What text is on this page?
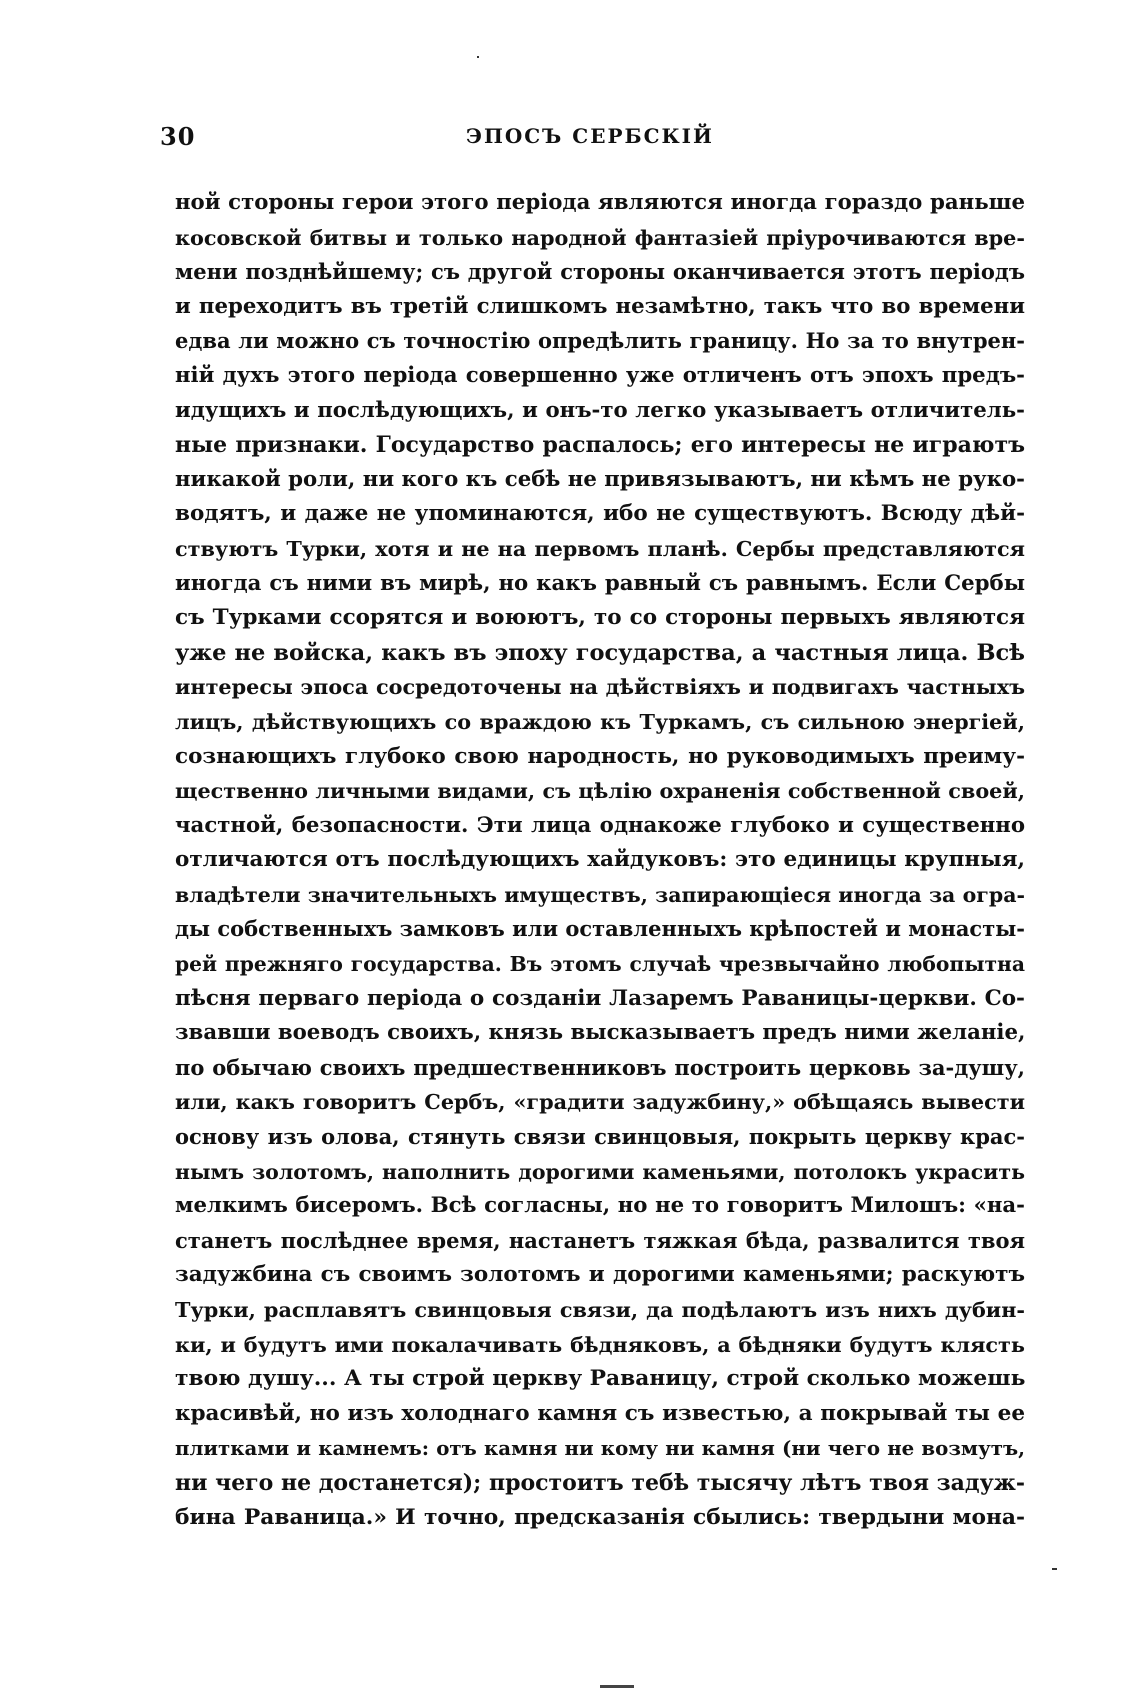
30	ЭПОСЪ СЕРБСКІЙ
ной стороны герои этого періода являются иногда гораздо раньше
косовской битвы и только народной фантазіей пріурочиваются вре-
мени позднѣйшему; съ другой стороны оканчивается этотъ періодъ
и переходитъ въ третій слишкомъ незамѣтно, такъ что во времени
едва ли можно съ точностію опредѣлить границу. Но за то внутрен-
ній духъ этого періода совершенно уже отличенъ отъ эпохъ предъ-
идущихъ и послѣдующихъ, и онъ-то легко указываетъ отличитель-
ные признаки. Государство распалось; его интересы не играютъ
никакой роли, ни кого къ себѣ не привязываютъ, ни кѣмъ не руко-
водятъ, и даже не упоминаются, ибо не существуютъ. Всюду дѣй-
ствуютъ Турки, хотя и не на первомъ планѣ. Сербы представляются
иногда съ ними въ мирѣ, но какъ равный съ равнымъ. Если Сербы
съ Турками ссорятся и воюютъ, то со стороны первыхъ являются
уже не войска, какъ въ эпоху государства, а частныя лица. Всѣ
интересы эпоса сосредоточены на дѣйствіяхъ и подвигахъ частныхъ
лицъ, дѣйствующихъ со враждою къ Туркамъ, съ сильною энергіей,
сознающихъ глубоко свою народность, но руководимыхъ преиму-
щественно личными видами, съ цѣлію охраненія собственной своей,
частной, безопасности. Эти лица однакоже глубоко и существенно
отличаются отъ послѣдующихъ хайдуковъ: это единицы крупныя,
владѣтели значительныхъ имуществъ, запирающіеся иногда за огра-
ды собственныхъ замковъ или оставленныхъ крѣпостей и монасты-
рей прежняго государства. Въ этомъ случаѣ чрезвычайно любопытна
пѣсня перваго періода о созданіи Лазаремъ Раваницы-церкви. Со-
звавши воеводъ своихъ, князь высказываетъ предъ ними желаніе,
по обычаю своихъ предшественниковъ построить церковь за-душу,
или, какъ говоритъ Сербъ, «градити задужбину,» обѣщаясь вывести
основу изъ олова, стянуть связи свинцовыя, покрыть церкву крас-
нымъ золотомъ, наполнить дорогими каменьями, потолокъ украсить
мелкимъ бисеромъ. Всѣ согласны, но не то говоритъ Милошъ: «на-
станетъ послѣднее время, настанетъ тяжкая бѣда, развалится твоя
задужбина съ своимъ золотомъ и дорогими каменьями; раскуютъ
Турки, расплавятъ свинцовыя связи, да подѣлаютъ изъ нихъ дубин-
ки, и будутъ ими покалачивать бѣдняковъ, а бѣдняки будутъ клясть
твою душу... А ты строй церкву Раваницу, строй сколько можешь
красивѣй, но изъ холоднаго камня съ известью, а покрывай ты ее
плитками и камнемъ: отъ камня ни кому ни камня (ни чего не возмутъ,
ни чего не достанется); простоитъ тебѣ тысячу лѣтъ твоя задуж-
бина Раваница.» И точно, предсказанія сбылись: твердыни мона-
